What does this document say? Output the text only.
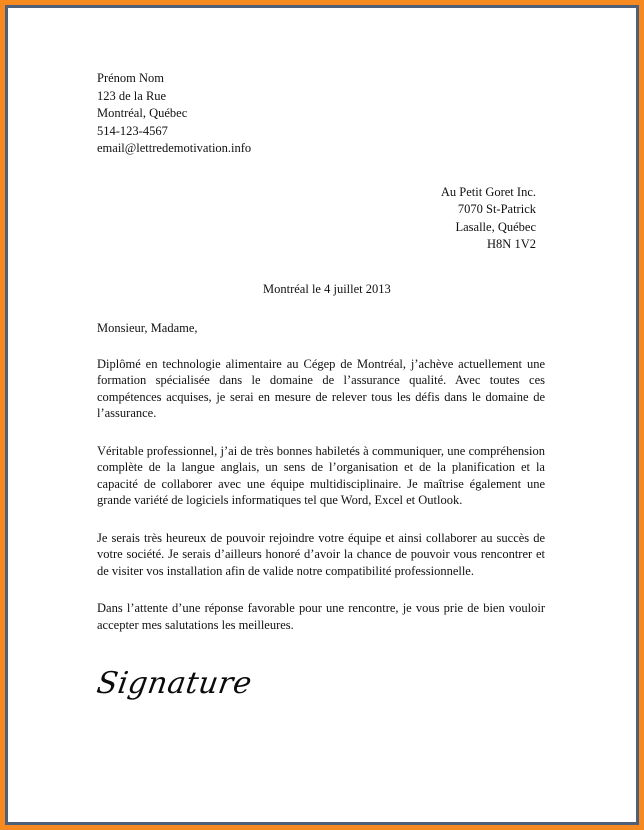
Prénom Nom
123 de la Rue
Montréal, Québec
514-123-4567
email@lettredemotivation.info
Au Petit Goret Inc.
7070 St-Patrick
Lasalle, Québec
H8N 1V2
Montréal le 4 juillet 2013
Monsieur, Madame,

Diplômé en technologie alimentaire au Cégep de Montréal, j’achève actuellement une formation spécialisée dans le domaine de l’assurance qualité. Avec toutes ces compétences acquises, je serai en mesure de relever tous les défis dans le domaine de l’assurance.

Véritable professionnel, j’ai de très bonnes habiletés à communiquer, une compréhension complète de la langue anglais, un sens de l’organisation et de la planification et la capacité de collaborer avec une équipe multidisciplinaire. Je maîtrise également une grande variété de logiciels informatiques tel que Word, Excel et Outlook.

Je serais très heureux de pouvoir rejoindre votre équipe et ainsi collaborer au succès de votre société. Je serais d’ailleurs honoré d’avoir la chance de pouvoir vous rencontrer et de visiter vos installation afin de valide notre compatibilité professionnelle.

Dans l’attente d’une réponse favorable pour une rencontre, je vous prie de bien vouloir accepter mes salutations les meilleures.

Signature
